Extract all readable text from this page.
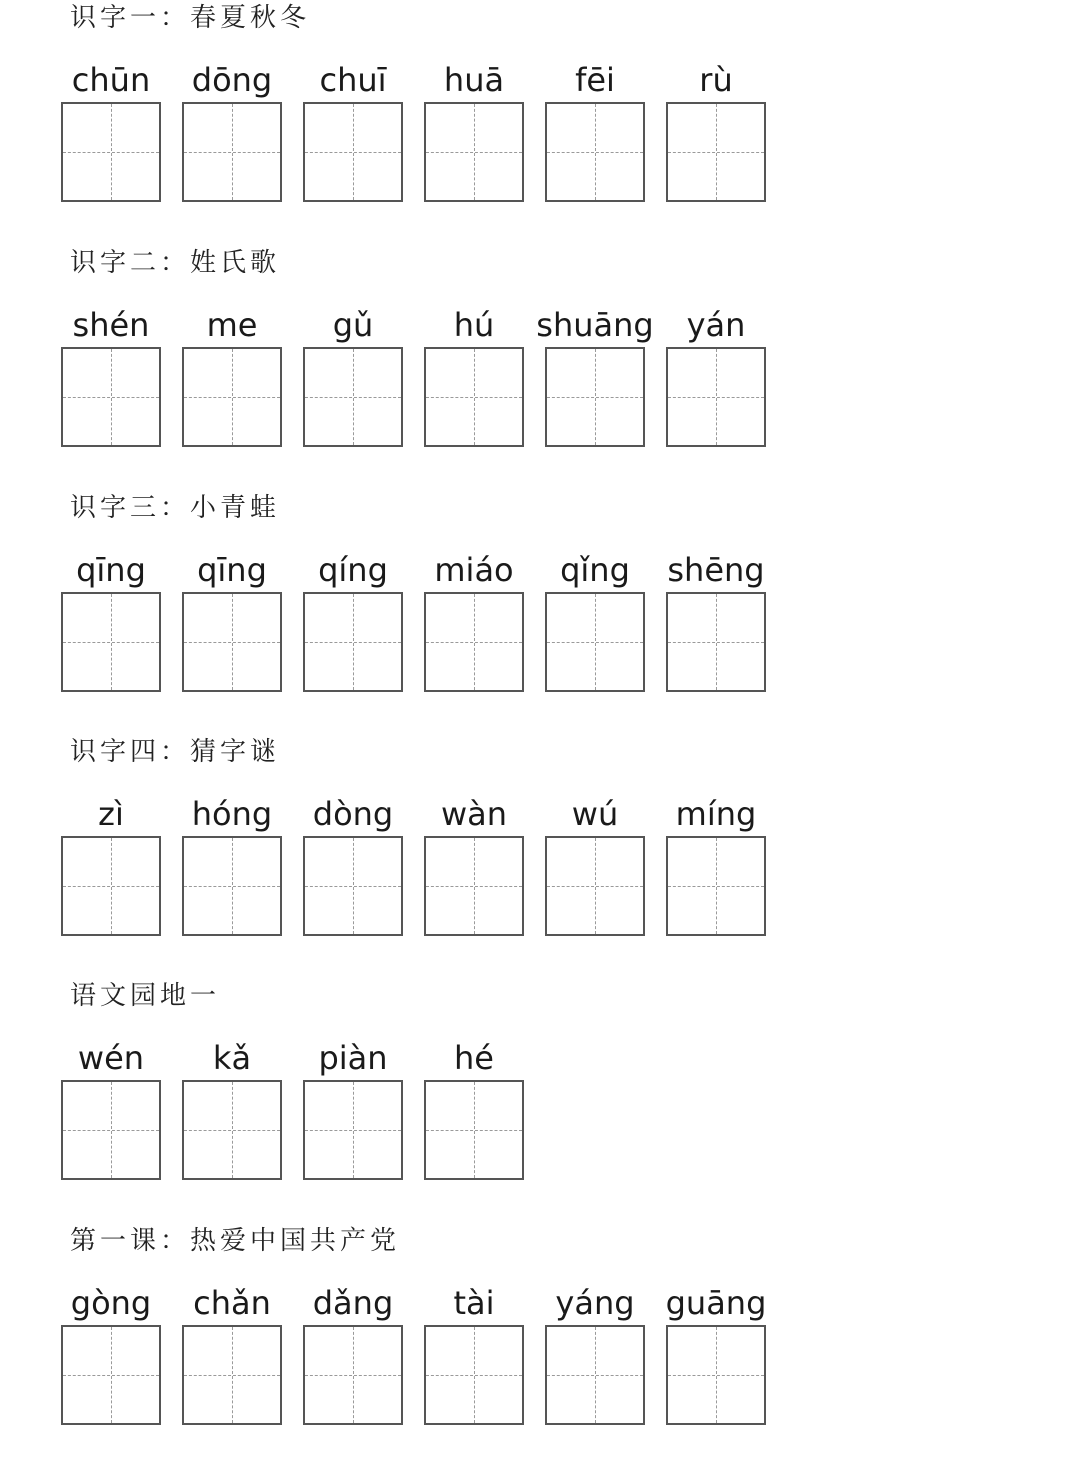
识字一：春夏秋冬
chūn	dōng	chuī	huā	fēi	rù
识字二：姓氏歌
shén	me	gǔ	hú	shuāng	yán
识字三：小青蛙
qīng	qīng	qíng	miáo	qǐng	shēng
识字四：猜字谜
zì	hóng	dòng	wàn	wú	míng
语文园地一
wén	kǎ	piàn	hé
第一课：热爱中国共产党
gòng	chǎn	dǎng	tài	yáng guāng
